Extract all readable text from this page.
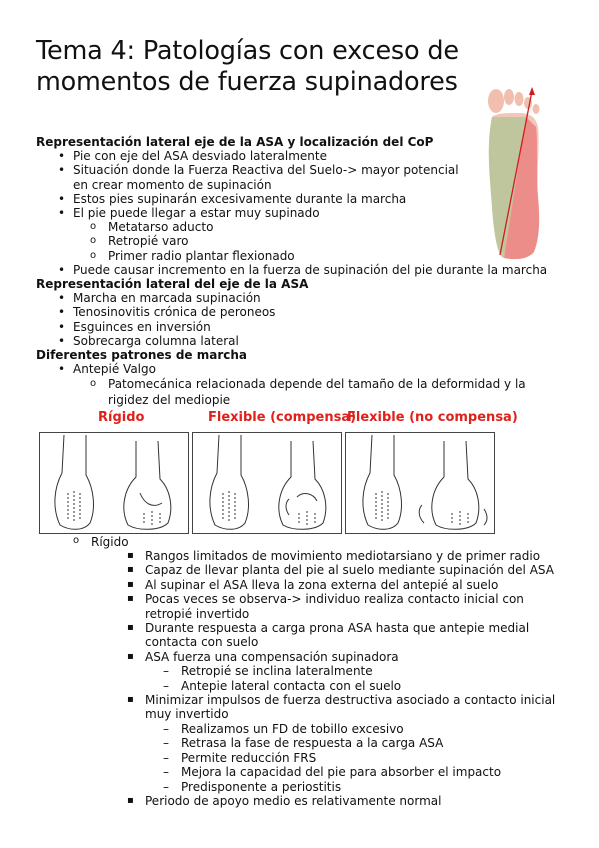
Tema 4: Patologías con exceso de momentos de fuerza supinadores
Representación lateral eje de la ASA y localización del CoP
• Pie con eje del ASA desviado lateralmente
• Situación donde la Fuerza Reactiva del Suelo-> mayor potencial en crear momento de supinación
• Estos pies supinarán excesivamente durante la marcha
• El pie puede llegar a estar muy supinado
o Metatarso aducto
o Retropié varo
o Primer radio plantar flexionado
• Puede causar incremento en la fuerza de supinación del pie durante la marcha
Representación lateral del eje de la ASA
• Marcha en marcada supinación
• Tenosinovitis crónica de peroneos
• Esguinces en inversión
• Sobrecarga columna lateral
Diferentes patrones de marcha
• Antepié Valgo
o Patomecánica relacionada depende del tamaño de la deformidad y la rigidez del mediopie
Rígido	Flexible (compensa)
Flexible (no compensa)
o Rígido
▪ Rangos limitados de movimiento mediotarsiano y de primer radio
▪ Capaz de llevar planta del pie al suelo mediante supinación del ASA
▪ Al supinar el ASA lleva la zona externa del antepié al suelo
▪ Pocas veces se observa-> individuo realiza contacto inicial con retropié invertido
▪ Durante respuesta a carga prona ASA hasta que antepie medial contacta con suelo
▪ ASA fuerza una compensación supinadora
– Retropié se inclina lateralmente
– Antepie lateral contacta con el suelo
▪ Minimizar impulsos de fuerza destructiva asociado a contacto inicial muy invertido
– Realizamos un FD de tobillo excesivo
– Retrasa la fase de respuesta a la carga ASA
– Permite reducción FRS
– Mejora la capacidad del pie para absorber el impacto
– Predisponente a periostitis
▪ Periodo de apoyo medio es relativamente normal
